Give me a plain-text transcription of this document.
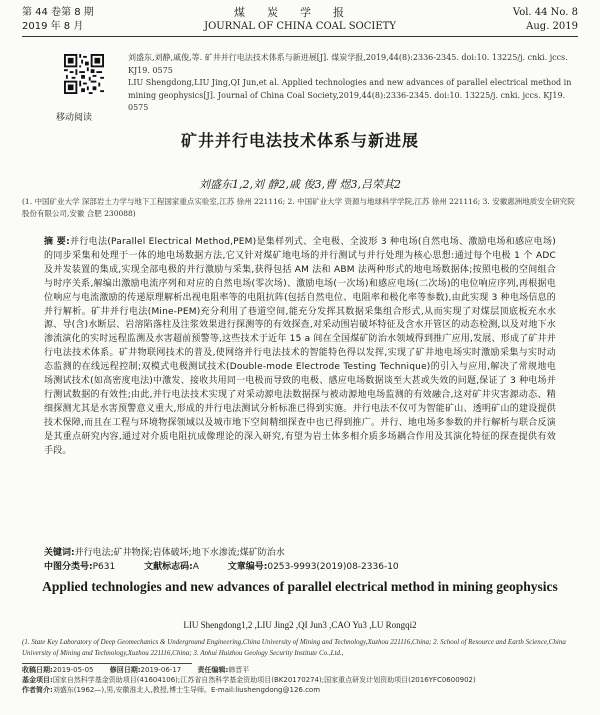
第 44 卷第 8 期
2019 年 8 月
煤炭学报
JOURNAL OF CHINA COAL SOCIETY
Vol. 44 No. 8
Aug. 2019
移动阅读
刘盛东,刘静,戚俊,等. 矿井并行电法技术体系与新进展[J]. 煤炭学报,2019,44(8):2336-2345. doi:10. 13225/j. cnki. jccs. KJ19. 0575
LIU Shengdong,LIU Jing,QI Jun,et al. Applied technologies and new advances of parallel electrical method in mining geophysics[J]. Journal of China Coal Society,2019,44(8):2336-2345. doi:10. 13225/j. cnki. jccs. KJ19. 0575
矿井并行电法技术体系与新进展
刘盛东1,2,刘 静2,戚 俊3,曹 煜3,吕荣其2
(1. 中国矿业大学 深部岩土力学与地下工程国家重点实验室,江苏 徐州 221116; 2. 中国矿业大学 资源与地球科学学院,江苏 徐州 221116; 3. 安徽惠洲地质安全研究院股份有限公司,安徽 合肥 230088)
摘 要:并行电法(Parallel Electrical Method,PEM)是集样列式、全电极、全波形 3 种电场(自然电场、激励电场和感应电场)的同步采集和处理于一体的地电场数据方法,它又针对煤矿地电场的并行测试与并行处理为核心思想:通过每个电极 1 个 ADC 及并发装置的集成,实现全部电极的并行激励与采集,获得包括 AM 法和 ABM 法两种形式的地电场数据体;按照电极的空间组合与时序关系,解编出激励电流序列和对应的自然电场(零次场)、激励电场(一次场)和感应电场(二次场)的电位响应序列,再根据电位响应与电流激励的传递原理解析出视电阻率等的电阻抗阵(包括自然电位、电阻率和极化率等参数),由此实现 3 种电场信息的并行解析。矿井并行电法(Mine-PEM)充分利用了巷道空间,能充分发挥其数据采集组合形式,从而实现了对煤层顶底板充水水源、导(含)水断层、岩溶陷落柱及注浆效果进行探测等的有效探查,对采动围岩破坏特征及含水开管区的动态检测,以及对地下水渗流演化的实时远程监测及水害超前预警等,这些技术于近年 15 a 间在全国煤矿防治水领域得到推广应用,发展、形成了矿井并行电法技术体系。矿井物联网技术的普及,使网络并行电法技术的智能特色得以发挥,实现了矿井地电场实时激励采集与实时动态监测的在线远程控制;双模式电极测试技术(Double-mode Electrode Testing Technique)的引入与应用,解决了常规地电场测试技术(如高密度电法)中激发、接收共用同一电极而导致的电极、感应电场数据谈至大甚或失效的问题,保证了 3 种电场并行测试数据的有效性;由此,并行电法技术实现了对采动源电法数据探与被动源地电场监测的有效融合,这对矿井灾害源动态、精细探测尤其是水害预警意义重大,形成的并行电法测试分析标准已得到实施。并行电法不仅可为智能矿山、透明矿山的建设提供技术保障,而且在工程与环境物探领域以及城市地下空间精细探查中也已得到推广。并行、地电场多参数的并行解析与联合反演是其重点研究内容,通过对介质电阻抗成像理论的深入研究,有望为岩土体多相介质多场耦合作用及其演化特征的探查提供有效手段。
关键词:并行电法;矿井物探;岩体破坏;地下水渗流;煤矿防治水
中图分类号:P631	文献标志码:A	文章编号:0253-9993(2019)08-2336-10
Applied technologies and new advances of parallel electrical method in mining geophysics
LIU Shengdong1,2 ,LIU Jing2 ,QI Jun3 ,CAO Yu3 ,LU Rongqi2
(1. State Key Laboratory of Deep Geomechanics & Underground Engineering,China University of Mining and Technology,Xuzhou 221116,China; 2. School of Resource and Earth Science,China University of Mining and Technology,Xuzhou 221116,China; 3. Anhui Huizhou Geology Security Institute Co.,Ltd.,
收稿日期:2019-05-05 修回日期:2019-06-17 责任编辑:韩晋平
基金项目:国家自然科学基金资助项目(41604106);江苏省自然科学基金资助项目(BK20170274);国家重点研发计划资助项目(2016YFC0600902)
作者简介:刘盛东(1962—),男,安徽淮北人,教授,博士生导师。E-mail:liushengdong@126.com
